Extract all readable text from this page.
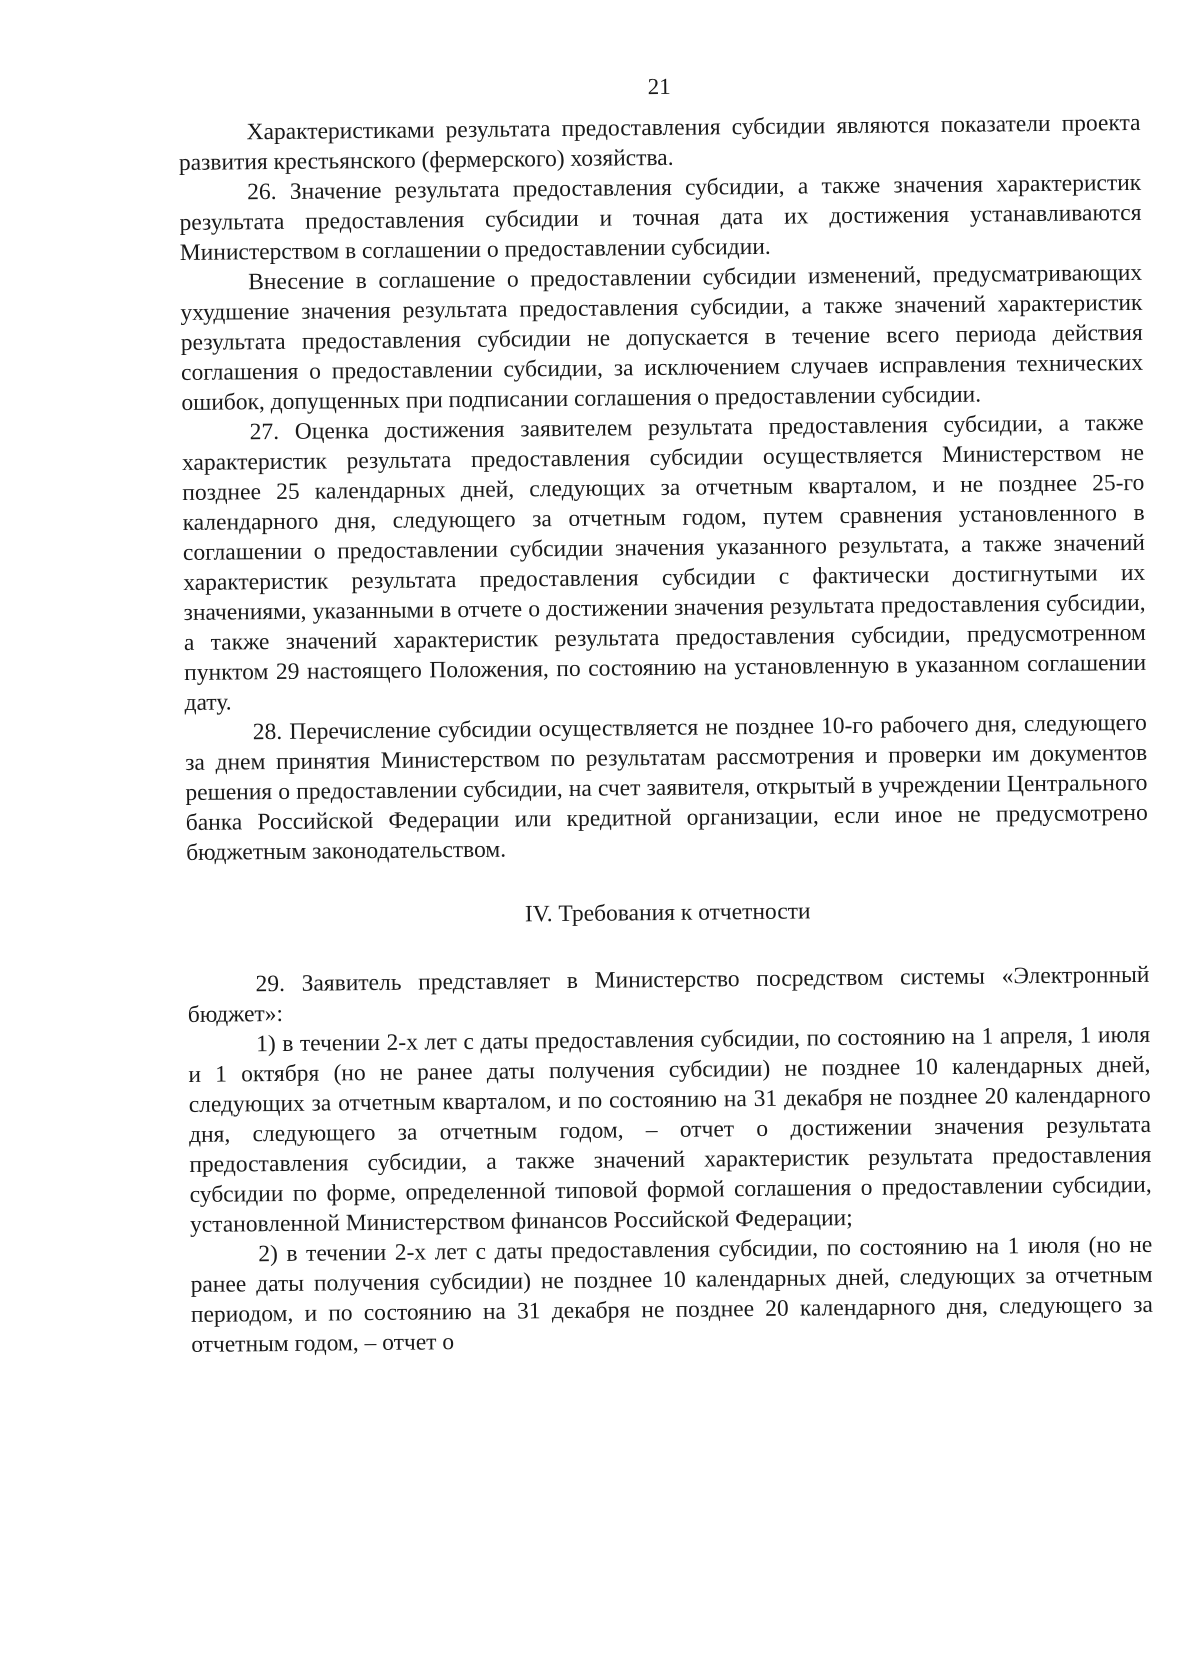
21

Характеристиками результата предоставления субсидии являются показатели проекта развития крестьянского (фермерского) хозяйства.

26. Значение результата предоставления субсидии, а также значения характеристик результата предоставления субсидии и точная дата их достижения устанавливаются Министерством в соглашении о предоставлении субсидии.

Внесение в соглашение о предоставлении субсидии изменений, предусматривающих ухудшение значения результата предоставления субсидии, а также значений характеристик результата предоставления субсидии не допускается в течение всего периода действия соглашения о предоставлении субсидии, за исключением случаев исправления технических ошибок, допущенных при подписании соглашения о предоставлении субсидии.

27. Оценка достижения заявителем результата предоставления субсидии, а также характеристик результата предоставления субсидии осуществляется Министерством не позднее 25 календарных дней, следующих за отчетным кварталом, и не позднее 25-го календарного дня, следующего за отчетным годом, путем сравнения установленного в соглашении о предоставлении субсидии значения указанного результата, а также значений характеристик результата предоставления субсидии с фактически достигнутыми их значениями, указанными в отчете о достижении значения результата предоставления субсидии, а также значений характеристик результата предоставления субсидии, предусмотренном пунктом 29 настоящего Положения, по состоянию на установленную в указанном соглашении дату.

28. Перечисление субсидии осуществляется не позднее 10-го рабочего дня, следующего за днем принятия Министерством по результатам рассмотрения и проверки им документов решения о предоставлении субсидии, на счет заявителя, открытый в учреждении Центрального банка Российской Федерации или кредитной организации, если иное не предусмотрено бюджетным законодательством.

IV. Требования к отчетности

29. Заявитель представляет в Министерство посредством системы «Электронный бюджет»:

1) в течении 2-х лет с даты предоставления субсидии, по состоянию на 1 апреля, 1 июля и 1 октября (но не ранее даты получения субсидии) не позднее 10 календарных дней, следующих за отчетным кварталом, и по состоянию на 31 декабря не позднее 20 календарного дня, следующего за отчетным годом, – отчет о достижении значения результата предоставления субсидии, а также значений характеристик результата предоставления субсидии по форме, определенной типовой формой соглашения о предоставлении субсидии, установленной Министерством финансов Российской Федерации;

2) в течении 2-х лет с даты предоставления субсидии, по состоянию на 1 июля (но не ранее даты получения субсидии) не позднее 10 календарных дней, следующих за отчетным периодом, и по состоянию на 31 декабря не позднее 20 календарного дня, следующего за отчетным годом, – отчет о
